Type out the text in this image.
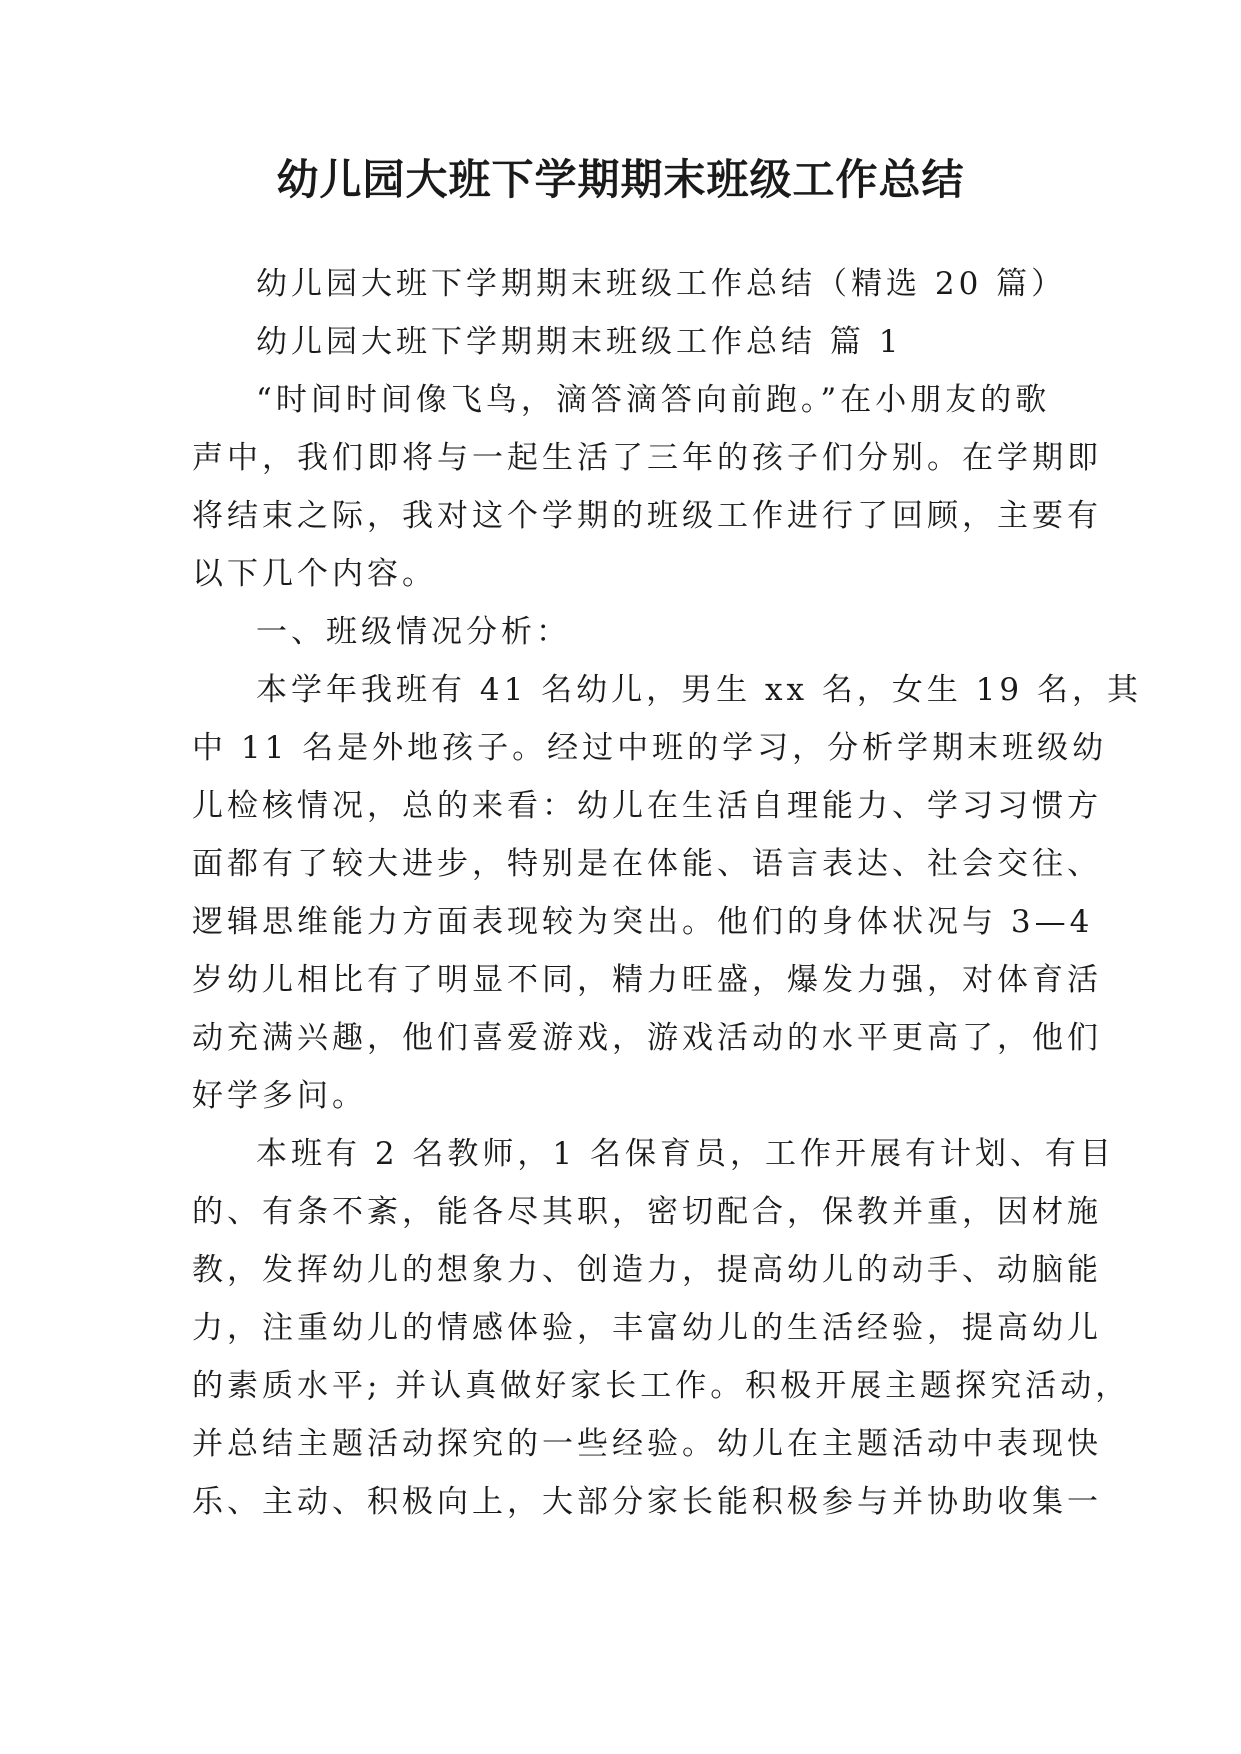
幼儿园大班下学期期末班级工作总结
幼儿园大班下学期期末班级工作总结（精选 20 篇）
幼儿园大班下学期期末班级工作总结 篇 1
“时间时间像飞鸟，滴答滴答向前跑。”在小朋友的歌
声中，我们即将与一起生活了三年的孩子们分别。在学期即
将结束之际，我对这个学期的班级工作进行了回顾，主要有
以下几个内容。
一、班级情况分析：
本学年我班有 41 名幼儿，男生 xx 名，女生 19 名，其
中 11 名是外地孩子。经过中班的学习，分析学期末班级幼
儿检核情况，总的来看：幼儿在生活自理能力、学习习惯方
面都有了较大进步，特别是在体能、语言表达、社会交往、
逻辑思维能力方面表现较为突出。他们的身体状况与 3—4
岁幼儿相比有了明显不同，精力旺盛，爆发力强，对体育活
动充满兴趣，他们喜爱游戏，游戏活动的水平更高了，他们
好学多问。
本班有 2 名教师，1 名保育员，工作开展有计划、有目
的、有条不紊，能各尽其职，密切配合，保教并重，因材施
教，发挥幼儿的想象力、创造力，提高幼儿的动手、动脑能
力，注重幼儿的情感体验，丰富幼儿的生活经验，提高幼儿
的素质水平; 并认真做好家长工作。积极开展主题探究活动，
并总结主题活动探究的一些经验。幼儿在主题活动中表现快
乐、主动、积极向上，大部分家长能积极参与并协助收集一
